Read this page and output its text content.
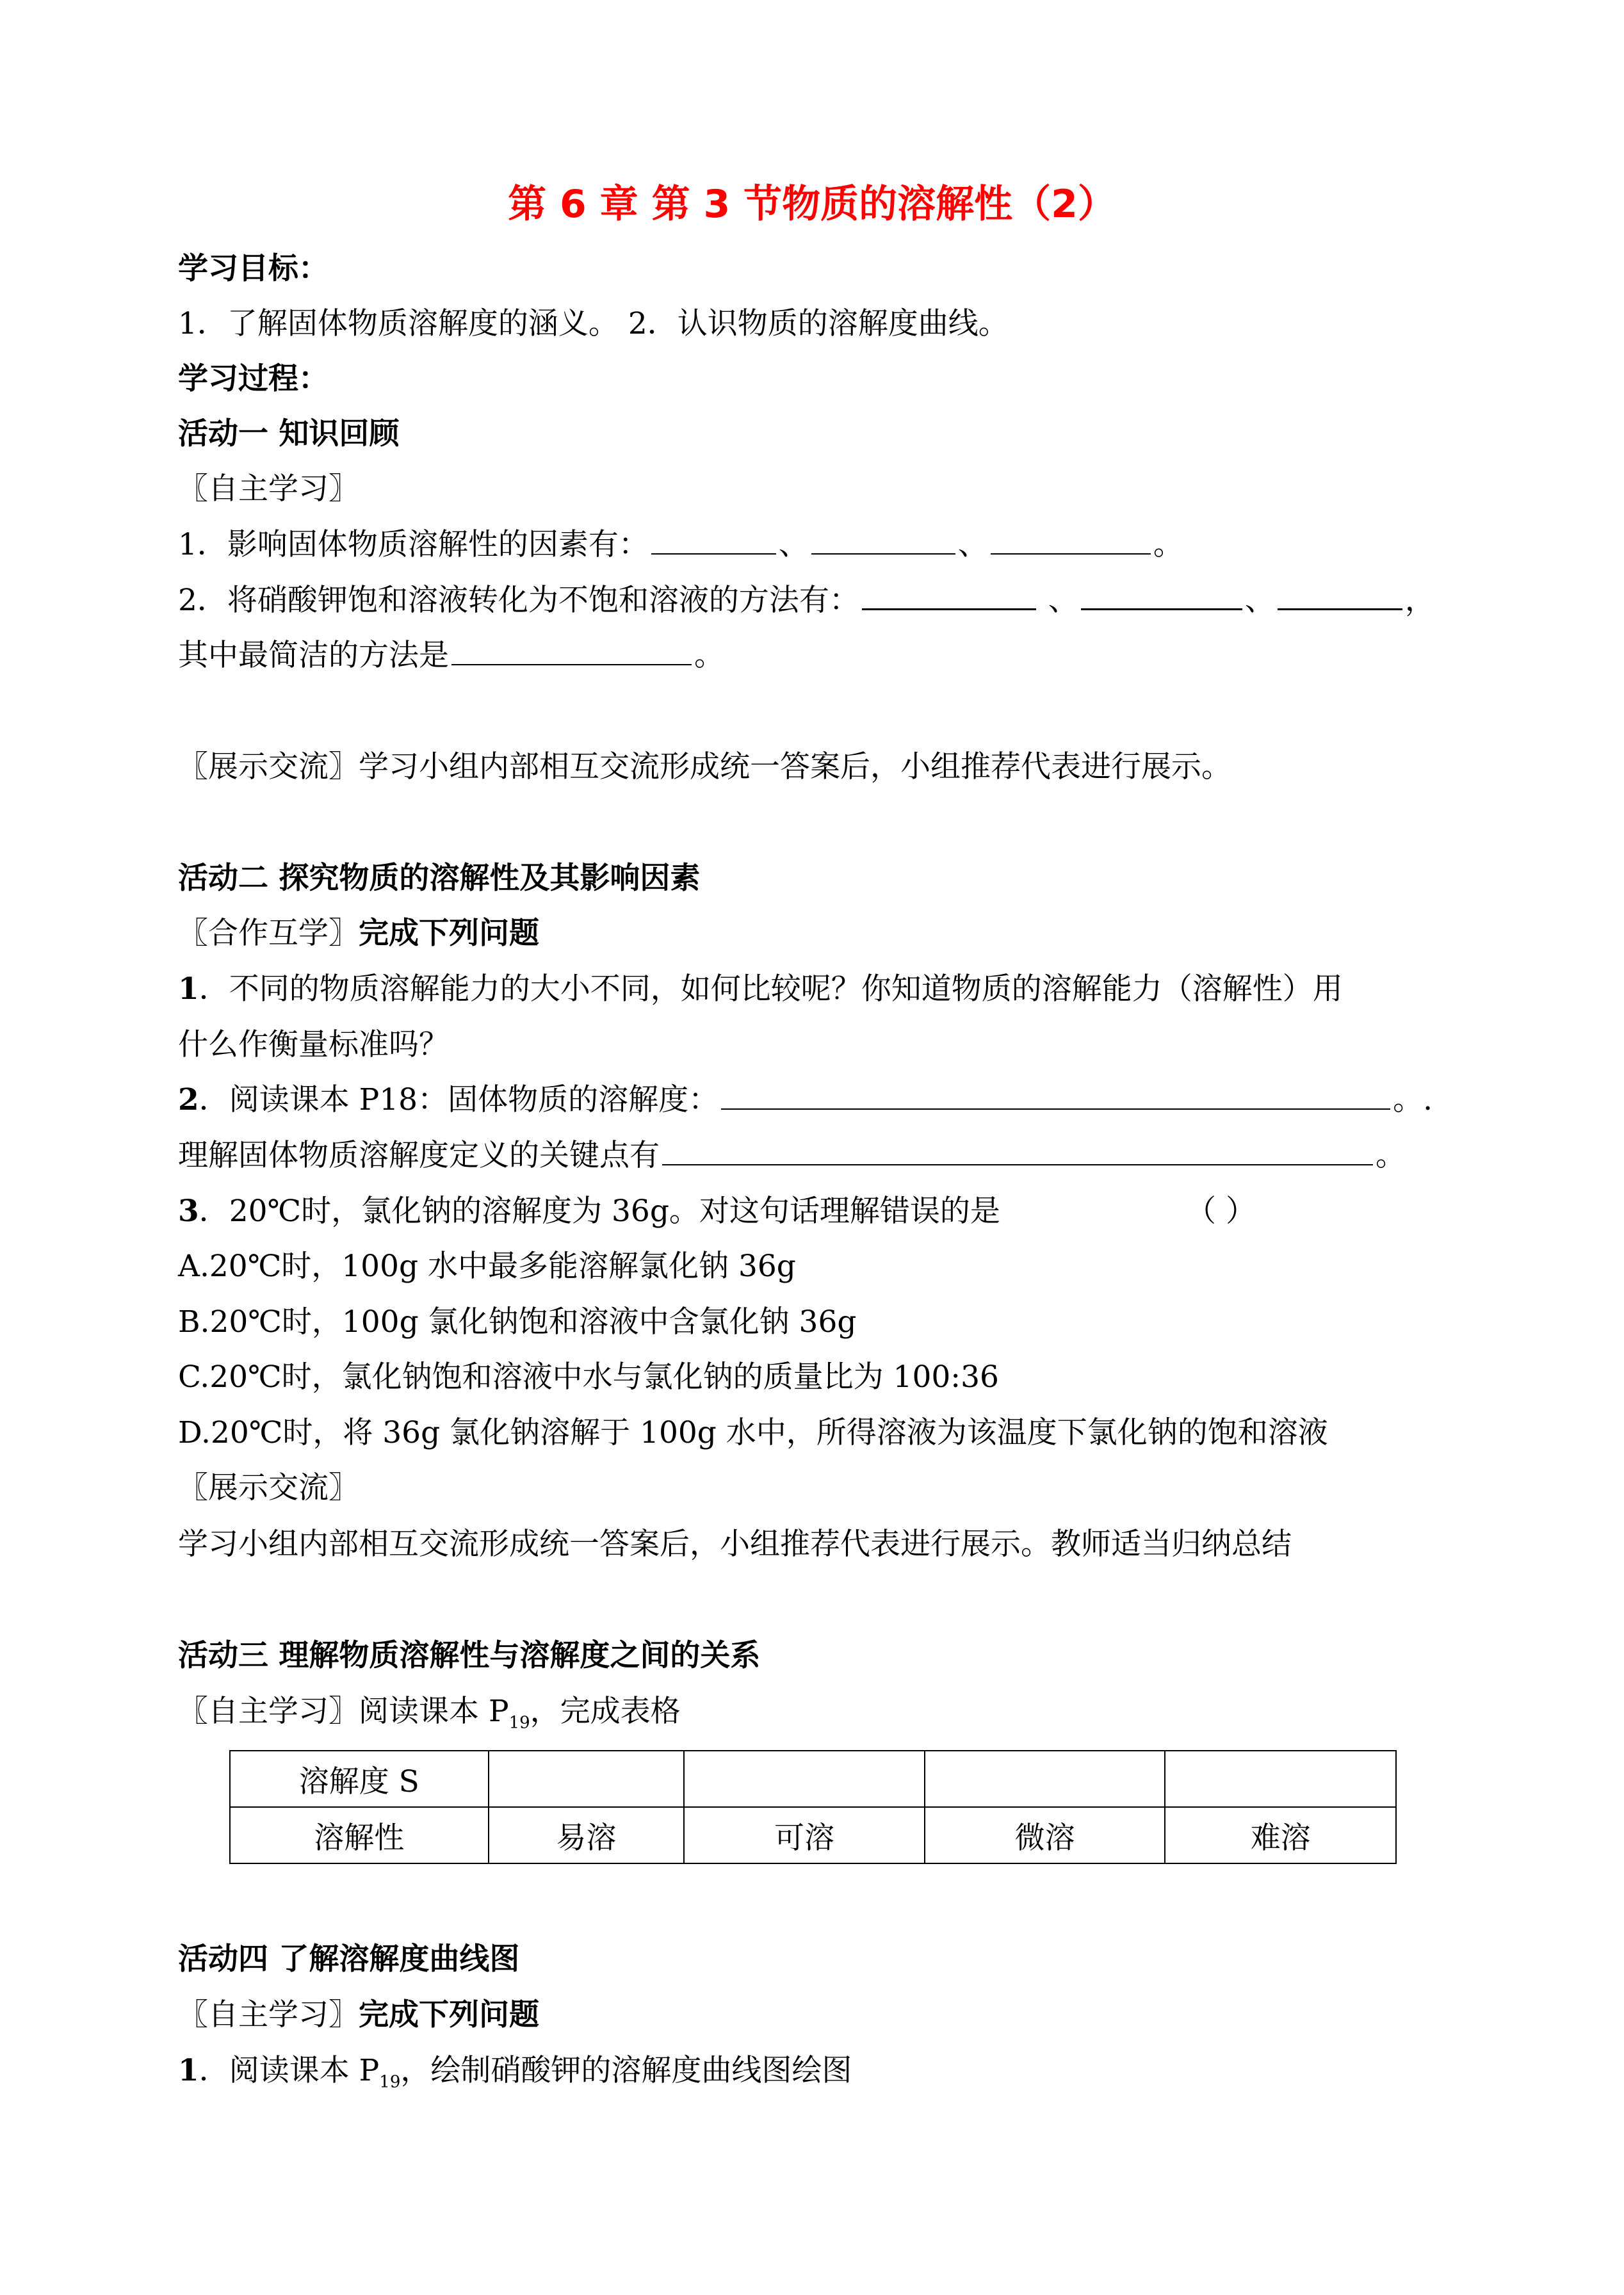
第 6 章 第 3 节物质的溶解性（2）
学习目标：
1．了解固体物质溶解度的涵义。 2．认识物质的溶解度曲线。
学习过程：
活动一 知识回顾
〖自主学习〗
1．影响固体物质溶解性的因素有：	、	、	。
2．将硝酸钾饱和溶液转化为不饱和溶液的方法有：	、	、	，
其中最简洁的方法是	。
〖展示交流〗学习小组内部相互交流形成统一答案后，小组推荐代表进行展示。
活动二 探究物质的溶解性及其影响因素
〖合作互学〗完成下列问题
1．不同的物质溶解能力的大小不同，如何比较呢？你知道物质的溶解能力（溶解性）用
什么作衡量标准吗？
2．阅读课本 P18：固体物质的溶解度：	。.
理解固体物质溶解度定义的关键点有	。
3．20℃时，氯化钠的溶解度为 36g。对这句话理解错误的是	（ ）
A.20℃时，100g 水中最多能溶解氯化钠 36g
B.20℃时，100g 氯化钠饱和溶液中含氯化钠 36g
C.20℃时，氯化钠饱和溶液中水与氯化钠的质量比为 100:36
D.20℃时，将 36g 氯化钠溶解于 100g 水中，所得溶液为该温度下氯化钠的饱和溶液
〖展示交流〗
学习小组内部相互交流形成统一答案后，小组推荐代表进行展示。教师适当归纳总结
活动三 理解物质溶解性与溶解度之间的关系
〖自主学习〗阅读课本 $P_{19}$，完成表格
溶解度 S				
溶解性	易溶	可溶	微溶	难溶
活动四 了解溶解度曲线图
〖自主学习〗完成下列问题
1．阅读课本 $P_{19}$，绘制硝酸钾的溶解度曲线图绘图
